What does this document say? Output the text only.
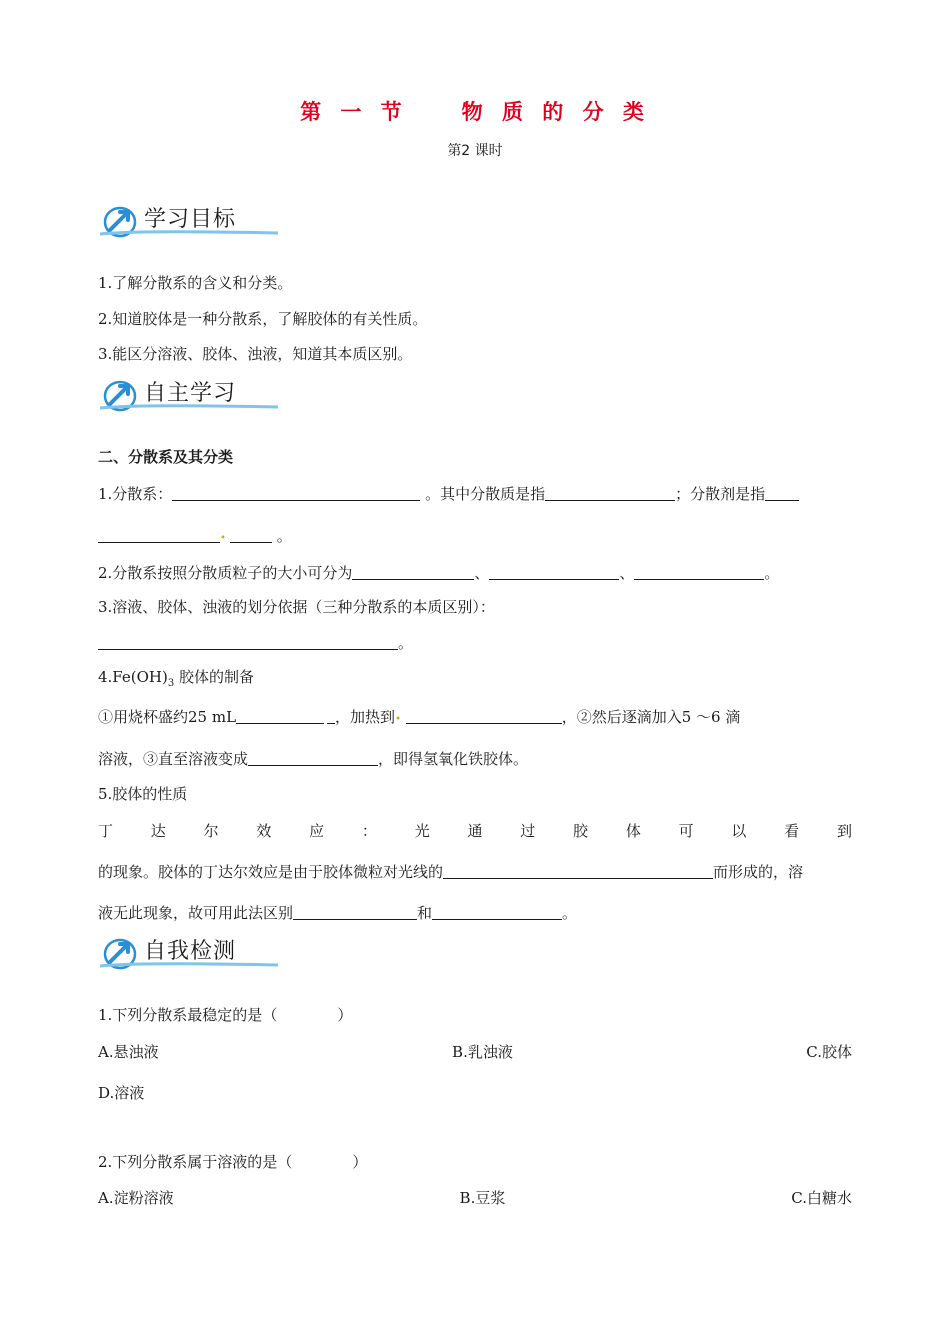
第 一 节　　物 质 的 分 类
第2 课时
学习目标
1.了解分散系的含义和分类。
2.知道胶体是一种分散系，了解胶体的有关性质。
3.能区分溶液、胶体、浊液，知道其本质区别。
自主学习
二、分散系及其分类
1.分散系：	。其中分散质是指	；分散剂是指
•	。
2.分散系按照分散质粒子的大小可分为	、	、	。
3.溶液、胶体、浊液的划分依据（三种分散系的本质区别）：
。
$4.Fe(OH)_3$ 胶体的制备
①用烧杯盛约25 mL	，加热到•	，②然后逐滴加入5 ～6 滴
溶液，③直至溶液变成	，即得氢氧化铁胶体。
5.胶体的性质
丁	达	尔	效	应	：	光	通	过	胶	体	可	以	看	到
的现象。胶体的丁达尔效应是由于胶体微粒对光线的	而形成的，溶
液无此现象，故可用此法区别	和	。
自我检测
1.下列分散系最稳定的是（　　　　）
A.悬浊液	B.乳浊液	C.胶体
D.溶液
2.下列分散系属于溶液的是（　　　　）
A.淀粉溶液	B.豆浆	C.白糖水
